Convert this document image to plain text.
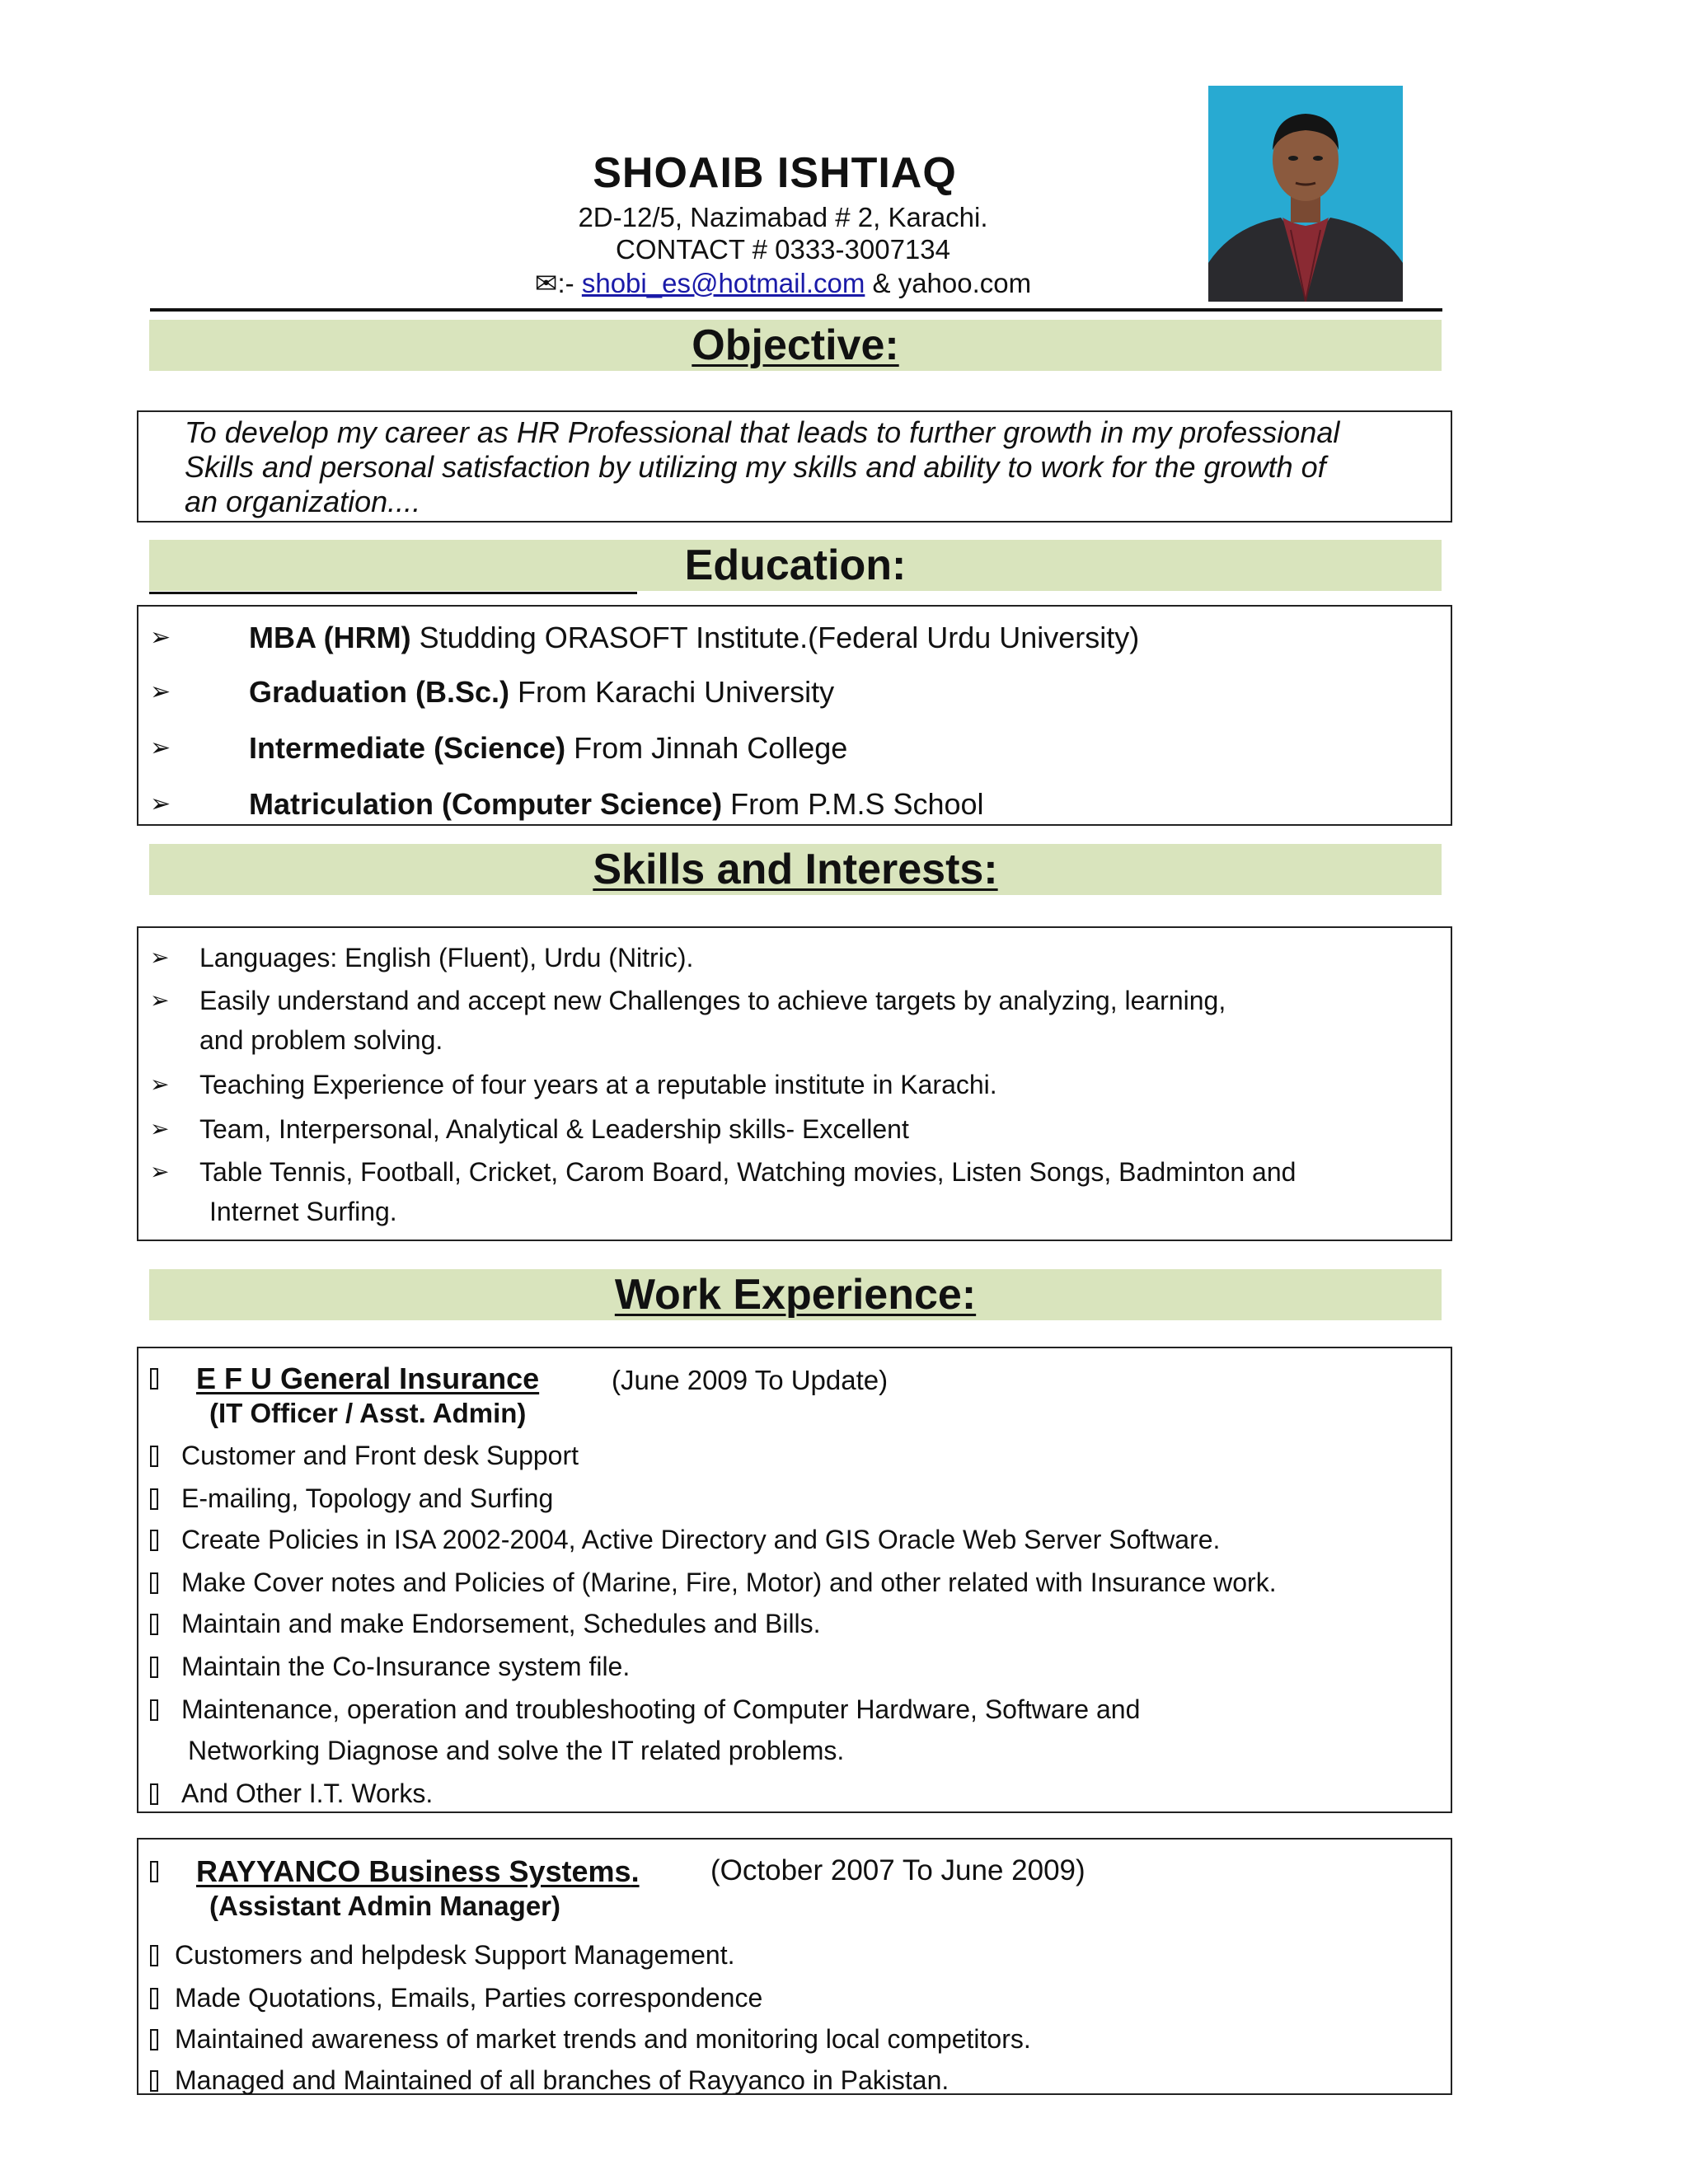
SHOAIB ISHTIAQ
2D-12/5, Nazimabad # 2, Karachi.
CONTACT # 0333-3007134
✉:- shobi_es@hotmail.com & yahoo.com
Objective:
To develop my career as HR Professional that leads to further growth in my professional
Skills and personal satisfaction by utilizing my skills and ability to work for the growth of
an organization....
Education:
➢	MBA (HRM) Studding ORASOFT Institute.(Federal Urdu University)
➢	Graduation (B.Sc.) From Karachi University
➢	Intermediate (Science) From Jinnah College
➢	Matriculation (Computer Science) From P.M.S School
Skills and Interests:
➢ Languages: English (Fluent), Urdu (Nitric).
➢ Easily understand and accept new Challenges to achieve targets by analyzing, learning,
and problem solving.
➢ Teaching Experience of four years at a reputable institute in Karachi.
➢ Team, Interpersonal, Analytical & Leadership skills- Excellent
➢ Table Tennis, Football, Cricket, Carom Board, Watching movies, Listen Songs, Badminton and
Internet Surfing.
Work Experience:
E F U General Insurance	(June 2009 To Update)
(IT Officer / Asst. Admin)
Customer and Front desk Support
E-mailing, Topology and Surfing
Create Policies in ISA 2002-2004, Active Directory and GIS Oracle Web Server Software.
Make Cover notes and Policies of (Marine, Fire, Motor) and other related with Insurance work.
Maintain and make Endorsement, Schedules and Bills.
Maintain the Co-Insurance system file.
Maintenance, operation and troubleshooting of Computer Hardware, Software and
Networking Diagnose and solve the IT related problems.
And Other I.T. Works.
RAYYANCO Business Systems. (October 2007 To June 2009)
(Assistant Admin Manager)
Customers and helpdesk Support Management.
Made Quotations, Emails, Parties correspondence
Maintained awareness of market trends and monitoring local competitors.
Managed and Maintained of all branches of Rayyanco in Pakistan.
